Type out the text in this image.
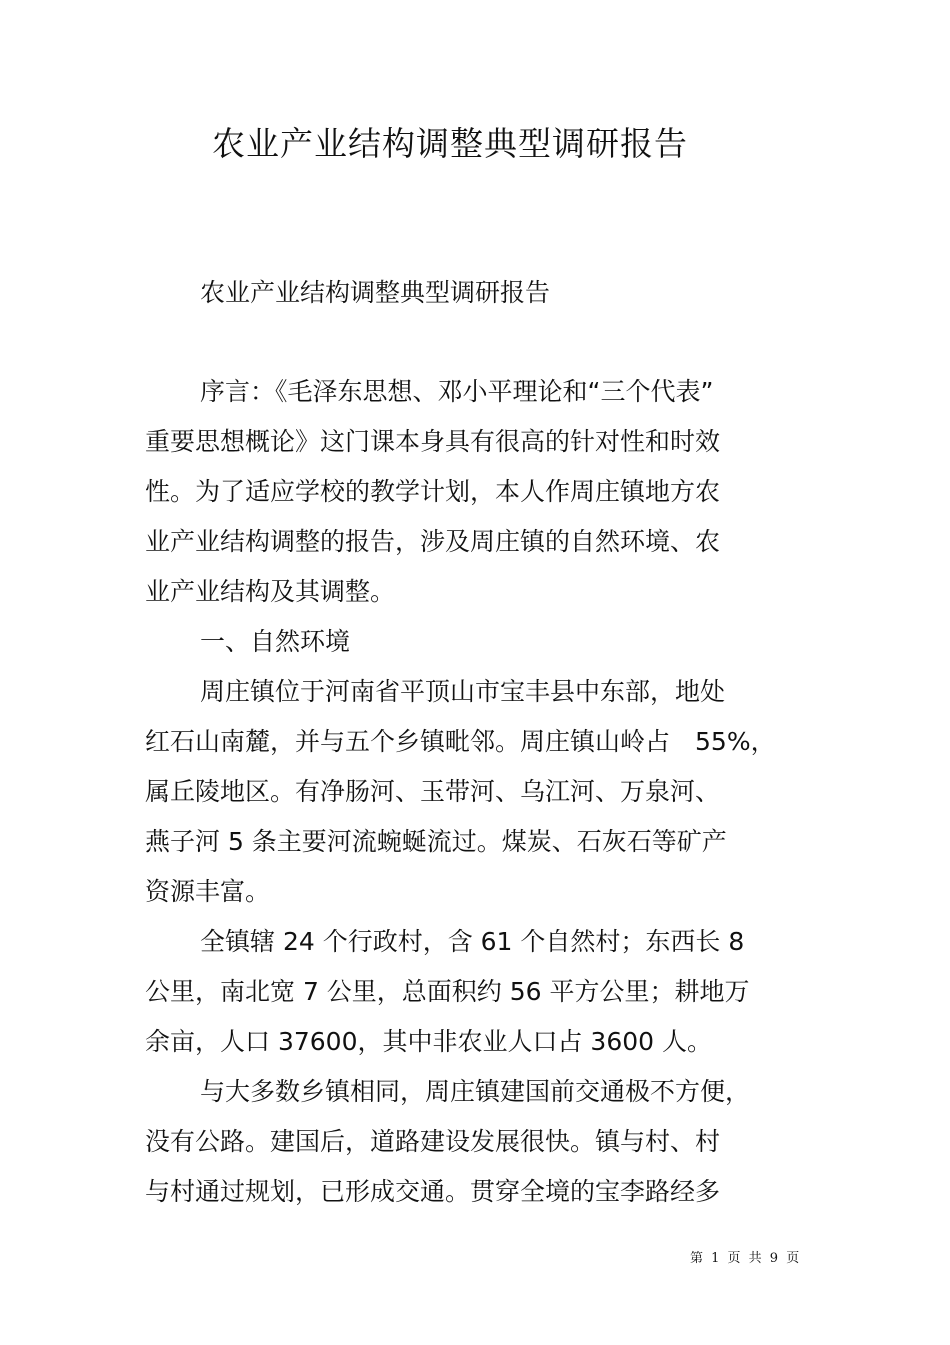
农业产业结构调整典型调研报告
农业产业结构调整典型调研报告
序言：《毛泽东思想、邓小平理论和“三个代表”
重要思想概论》这门课本身具有很高的针对性和时效
性。为了适应学校的教学计划，本人作周庄镇地方农
业产业结构调整的报告，涉及周庄镇的自然环境、农
业产业结构及其调整。
一、自然环境
周庄镇位于河南省平顶山市宝丰县中东部，地处
红石山南麓，并与五个乡镇毗邻。周庄镇山岭占　55%，
属丘陵地区。有净肠河、玉带河、乌江河、万泉河、
燕子河 5 条主要河流蜿蜒流过。煤炭、石灰石等矿产
资源丰富。
全镇辖 24 个行政村，含 61 个自然村；东西长 8
公里，南北宽 7 公里，总面积约 56 平方公里；耕地万
余亩，人口 37600，其中非农业人口占 3600 人。
与大多数乡镇相同，周庄镇建国前交通极不方便，
没有公路。建国后，道路建设发展很快。镇与村、村
与村通过规划，已形成交通。贯穿全境的宝李路经多
第 1 页 共 9 页
